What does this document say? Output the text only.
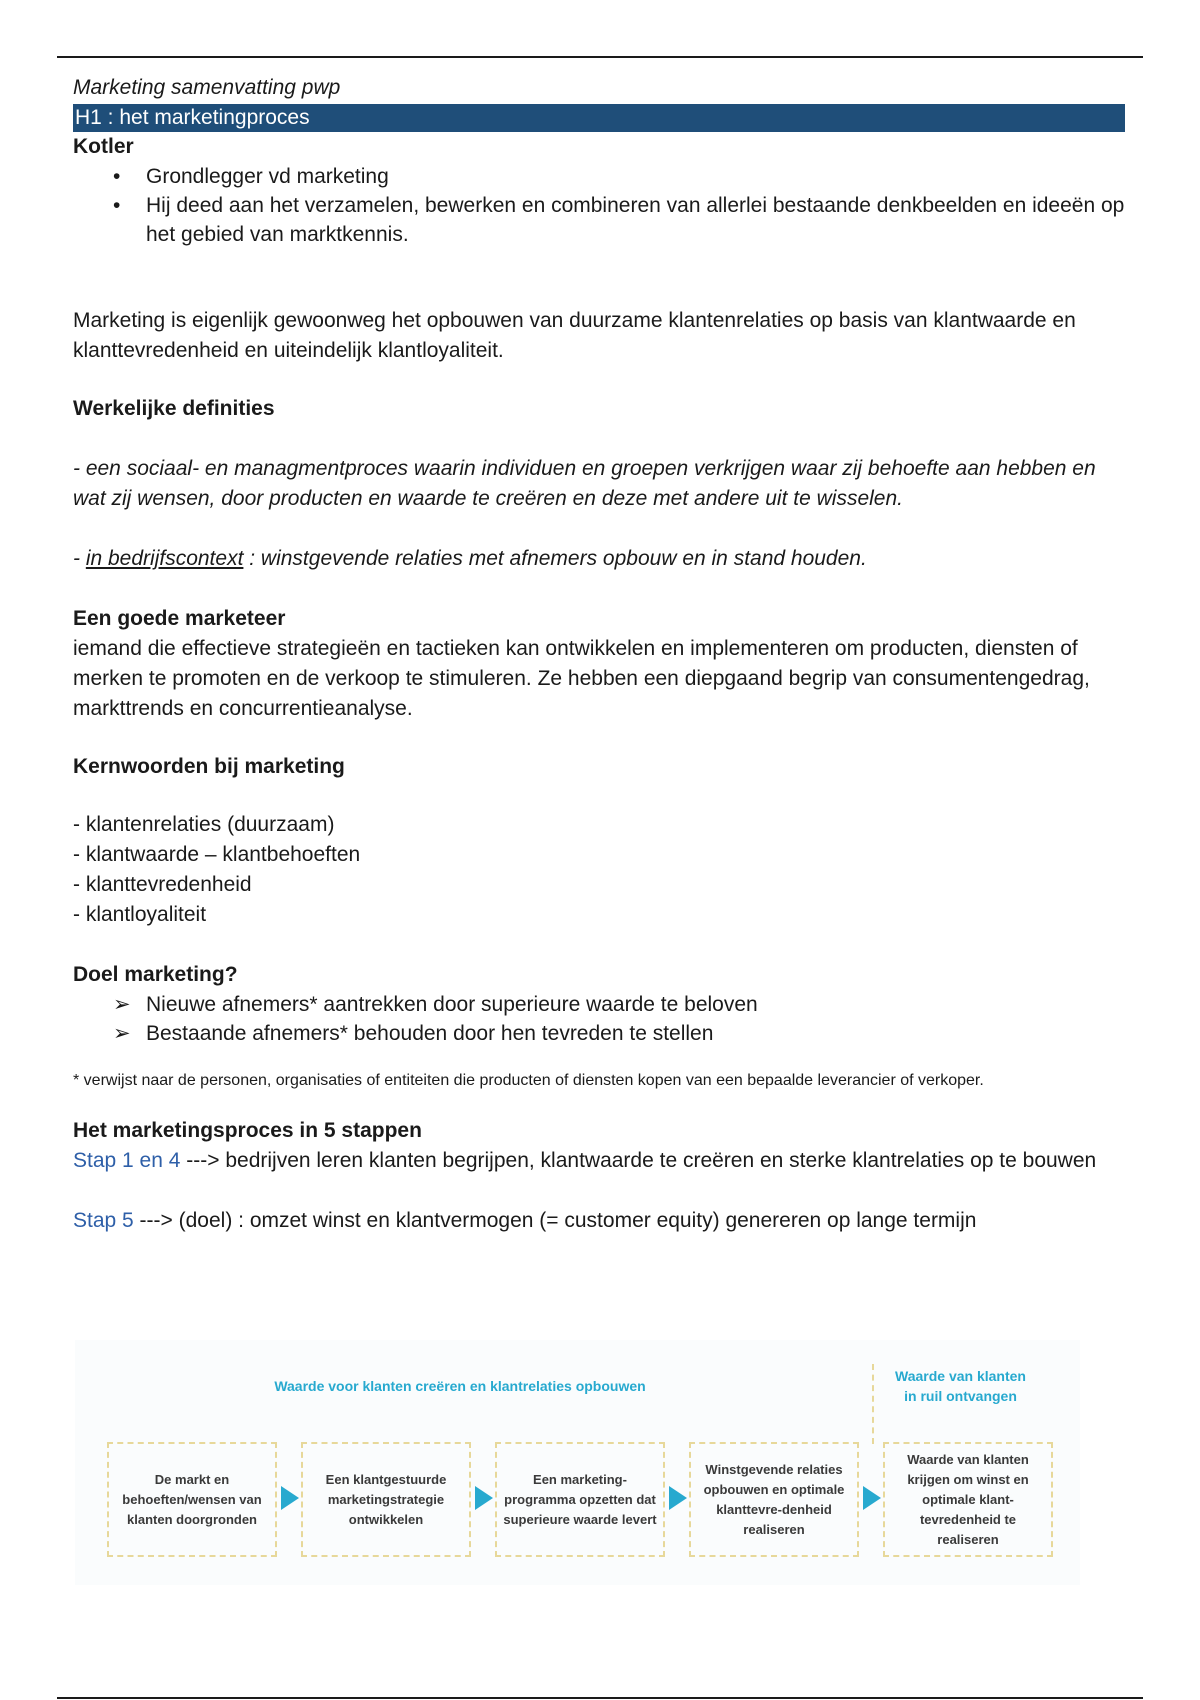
Marketing samenvatting pwp
H1 : het marketingproces
Kotler
•	Grondlegger vd marketing
•	Hij deed aan het verzamelen, bewerken en combineren van allerlei bestaande denkbeelden en ideeën op het gebied van marktkennis.
Marketing is eigenlijk gewoonweg het opbouwen van duurzame klantenrelaties op basis van klantwaarde en klanttevredenheid en uiteindelijk klantloyaliteit.
Werkelijke definities
- een sociaal- en managmentproces waarin individuen en groepen verkrijgen waar zij behoefte aan hebben en wat zij wensen, door producten en waarde te creëren en deze met andere uit te wisselen.
- in bedrijfscontext : winstgevende relaties met afnemers opbouw en in stand houden.
Een goede marketeer
iemand die effectieve strategieën en tactieken kan ontwikkelen en implementeren om producten, diensten of merken te promoten en de verkoop te stimuleren. Ze hebben een diepgaand begrip van consumentengedrag, markttrends en concurrentieanalyse.
Kernwoorden bij marketing
- klantenrelaties (duurzaam)
- klantwaarde – klantbehoeften
- klanttevredenheid
- klantloyaliteit
Doel marketing?
➢ Nieuwe afnemers* aantrekken door superieure waarde te beloven
➢ Bestaande afnemers* behouden door hen tevreden te stellen
* verwijst naar de personen, organisaties of entiteiten die producten of diensten kopen van een bepaalde leverancier of verkoper.
Het marketingsproces in 5 stappen
Stap 1 en 4 ---> bedrijven leren klanten begrijpen, klantwaarde te creëren en sterke klantrelaties op te bouwen
Stap 5 ---> (doel) : omzet winst en klantvermogen (= customer equity) genereren op lange termijn
Waarde voor klanten creëren en klantrelaties opbouwen
Waarde van klanten in ruil ontvangen
De markt en behoeften/wensen van klanten doorgronden
Een klantgestuurde marketingstrategie ontwikkelen
Een marketing-programma opzetten dat superieure waarde levert
Winstgevende relaties opbouwen en optimale klanttevre-denheid realiseren
Waarde van klanten krijgen om winst en optimale klant-tevredenheid te realiseren
